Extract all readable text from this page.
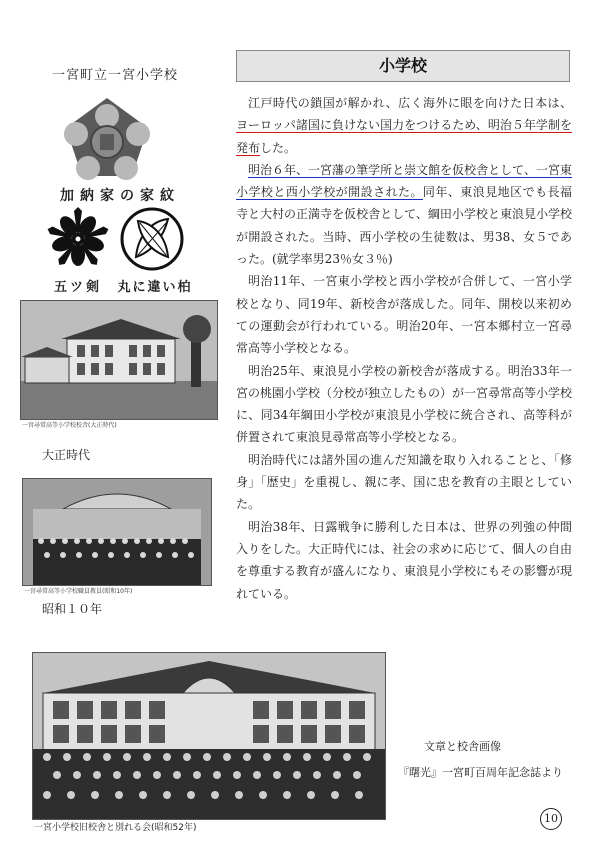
一宮町立一宮小学校
加納家の家紋
五ツ剣	丸に違い柏
一宮尋常高等小学校校舎(大正時代)
大正時代
一宮尋常高等小学校職員教員(昭和10年)
昭和１０年
一宮小学校旧校舎と別れる会(昭和52年)
文章と校舎画像
『曙光』一宮町百周年記念誌より
10
小学校

江戸時代の鎖国が解かれ、広く海外に眼を向けた日本は、ヨーロッパ諸国に負けない国力をつけるため、明治５年学制を発布した。

明治６年、一宮藩の筆学所と崇文館を仮校舎として、一宮東小学校と西小学校が開設された。同年、東浪見地区でも長福寺と大村の正満寺を仮校舎として、綱田小学校と東浪見小学校が開設された。当時、西小学校の生徒数は、男38、女５であった。(就学率男23％女３％)

明治11年、一宮東小学校と西小学校が合併して、一宮小学校となり、同19年、新校舎が落成した。同年、開校以来初めての運動会が行われている。明治20年、一宮本郷村立一宮尋常高等小学校となる。

明治25年、東浪見小学校の新校舎が落成する。明治33年一宮の桃園小学校（分校が独立したもの）が一宮尋常高等小学校に、同34年綱田小学校が東浪見小学校に統合され、高等科が併置されて東浪見尋常高等小学校となる。

明治時代には諸外国の進んだ知識を取り入れることと、「修身」「歴史」を重視し、親に孝、国に忠を教育の主眼としていた。

明治38年、日露戦争に勝利した日本は、世界の列強の仲間入りをした。大正時代には、社会の求めに応じて、個人の自由を尊重する教育が盛んになり、東浪見小学校にもその影響が現れている。
